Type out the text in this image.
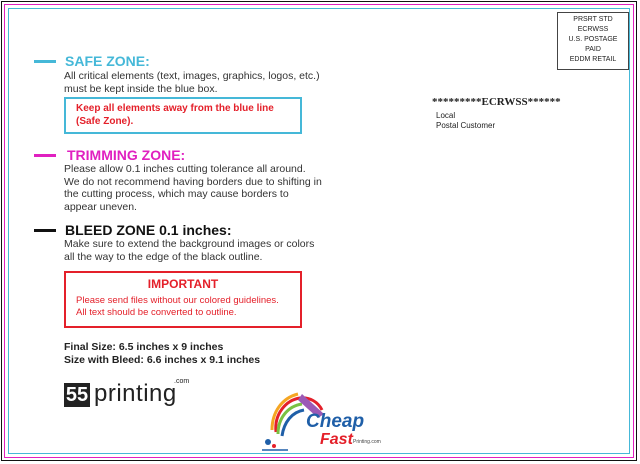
SAFE ZONE:
All critical elements (text, images, graphics, logos, etc.)
must be kept inside the blue box.
Keep all elements away from the blue line
(Safe Zone).
TRIMMING ZONE:
Please allow 0.1 inches cutting tolerance all around.
We do not recommend having borders due to shifting in
the cutting process, which may cause borders to
appear uneven.
BLEED ZONE 0.1 inches:
Make sure to extend the background images or colors
all the way to the edge of the black outline.
IMPORTANT
Please send files without our colored guidelines.
All text should be converted to outline.
Final Size: 6.5 inches x 9 inches
Size with Bleed: 6.6 inches x 9.1 inches
55 printing
.com
PRSRT STD
ECRWSS
U.S. POSTAGE
PAID
EDDM RETAIL
*********ECRWSS******
Local
Postal Customer
Cheap
Fast Printing.com
